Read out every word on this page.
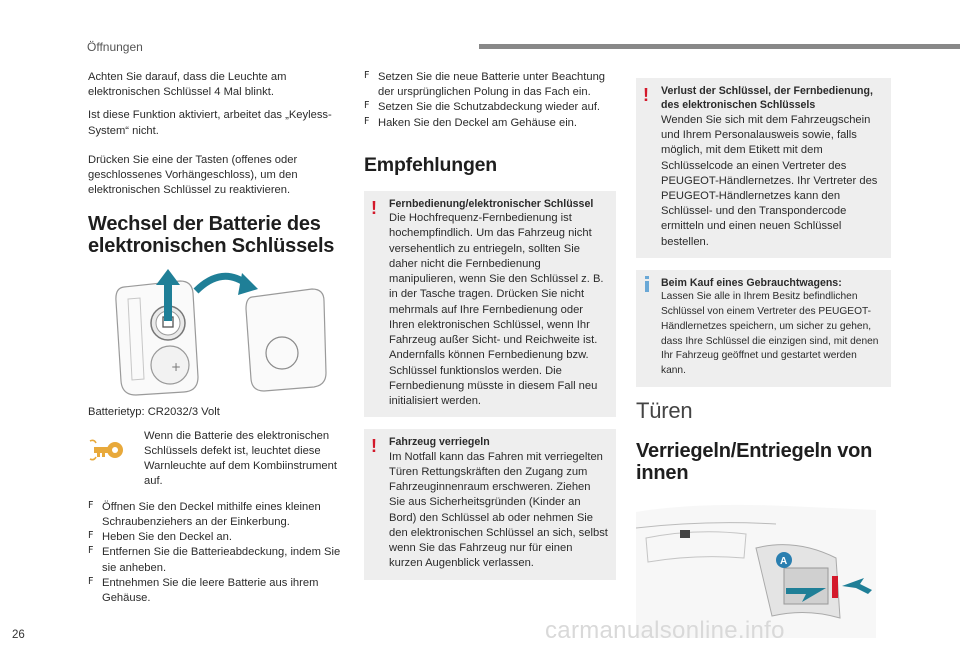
Öffnungen

Achten Sie darauf, dass die Leuchte am elektronischen Schlüssel 4 Mal blinkt.

Ist diese Funktion aktiviert, arbeitet das „Keyless-System“ nicht.

Drücken Sie eine der Tasten (offenes oder geschlossenes Vorhängeschloss), um den elektronischen Schlüssel zu reaktivieren.

Wechsel der Batterie des elektronischen Schlüssels
+

Batterietyp: CR2032/3 Volt

Wenn die Batterie des elektronischen Schlüssels defekt ist, leuchtet diese Warnleuchte auf dem Kombiinstrument auf.
F Öffnen Sie den Deckel mithilfe eines kleinen Schraubenziehers an der Einkerbung.
F Heben Sie den Deckel an.
F Entfernen Sie die Batterieabdeckung, indem Sie sie anheben.
F Entnehmen Sie die leere Batterie aus ihrem Gehäuse.
F Setzen Sie die neue Batterie unter Beachtung der ursprünglichen Polung in das Fach ein.
F Setzen Sie die Schutzabdeckung wieder auf.
F Haken Sie den Deckel am Gehäuse ein.
Empfehlungen
! Fernbedienung/elektronischer Schlüssel
Die Hochfrequenz-Fernbedienung ist hochempfindlich. Um das Fahrzeug nicht versehentlich zu entriegeln, sollten Sie daher nicht die Fernbedienung manipulieren, wenn Sie den Schlüssel z. B. in der Tasche tragen. Drücken Sie nicht mehrmals auf Ihre Fernbedienung oder Ihren elektronischen Schlüssel, wenn Ihr Fahrzeug außer Sicht- und Reichweite ist. Andernfalls können Fernbedienung bzw. Schlüssel funktionslos werden. Die Fernbedienung müsste in diesem Fall neu initialisiert werden.
! Fahrzeug verriegeln
Im Notfall kann das Fahren mit verriegelten Türen Rettungskräften den Zugang zum Fahrzeuginnenraum erschweren. Ziehen Sie aus Sicherheitsgründen (Kinder an Bord) den Schlüssel ab oder nehmen Sie den elektronischen Schlüssel an sich, selbst wenn Sie das Fahrzeug nur für einen kurzen Augenblick verlassen.
! Verlust der Schlüssel, der Fernbedienung, des elektronischen Schlüssels
Wenden Sie sich mit dem Fahrzeugschein und Ihrem Personalausweis sowie, falls möglich, mit dem Etikett mit dem Schlüsselcode an einen Vertreter des PEUGEOT-Händlernetzes. Ihr Vertreter des PEUGEOT-Händlernetzes kann den Schlüssel- und den Transpondercode ermitteln und einen neuen Schlüssel bestellen.
Beim Kauf eines Gebrauchtwagens:
Lassen Sie alle in Ihrem Besitz befindlichen Schlüssel von einem Vertreter des PEUGEOT-Händlernetzes speichern, um sicher zu gehen, dass Ihre Schlüssel die einzigen sind, mit denen Ihr Fahrzeug geöffnet und gestartet werden kann.
Türen
Verriegeln/Entriegeln von innen
A
26	carmanualsonline.info
